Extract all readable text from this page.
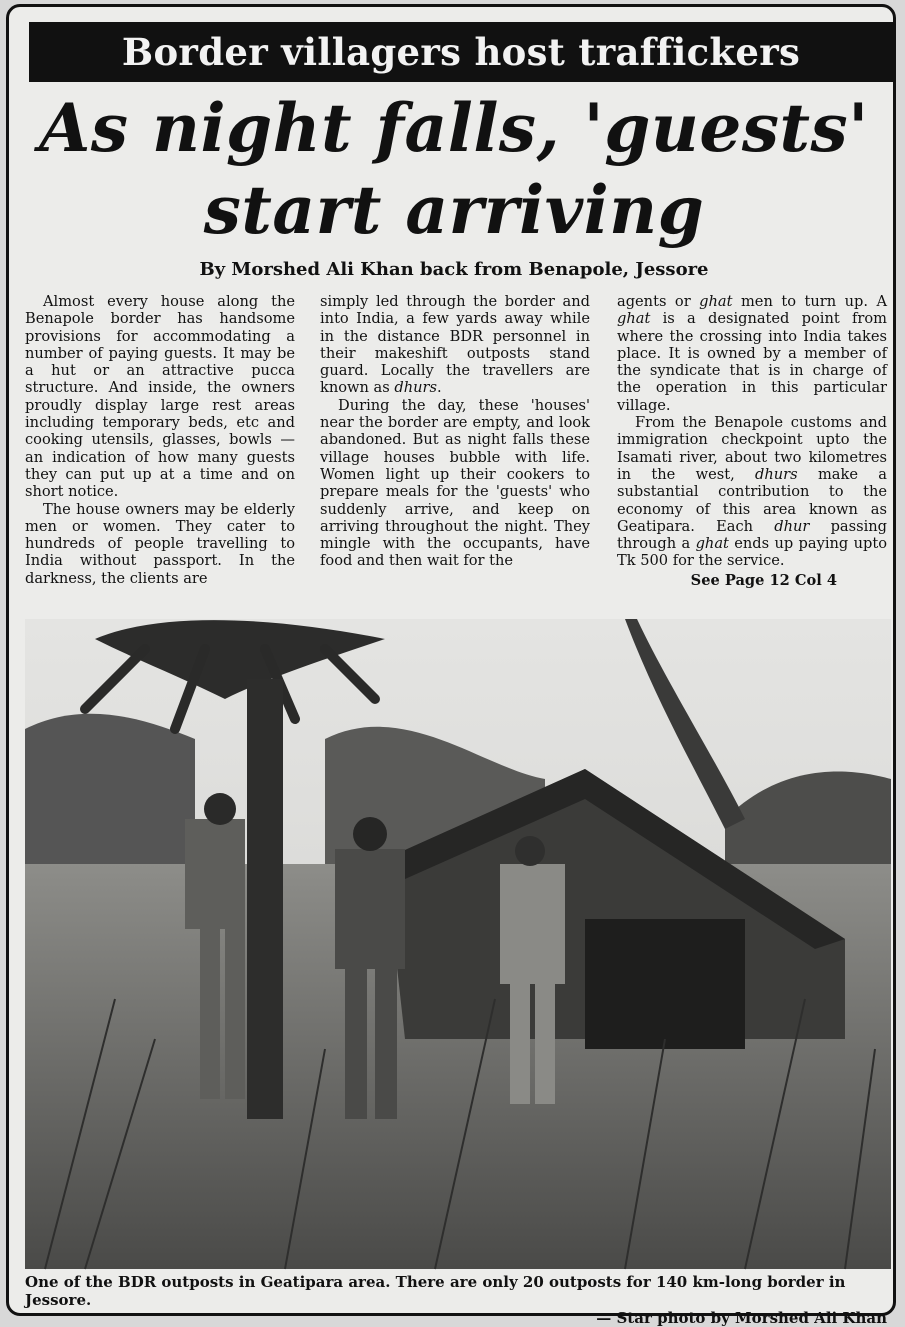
Border villagers host traffickers
As night falls, 'guests'
start arriving
By Morshed Ali Khan back from Benapole, Jessore

Almost every house along the Benapole border has handsome provisions for accommodating a number of paying guests. It may be a hut or an attractive pucca structure. And inside, the owners proudly display large rest areas including temporary beds, etc and cooking utensils, glasses, bowls — an indication of how many guests they can put up at a time and on short notice.

The house owners may be elderly men or women. They cater to hundreds of people travelling to India without passport. In the darkness, the clients are

simply led through the border and into India, a few yards away while in the distance BDR personnel in their makeshift outposts stand guard. Locally the travellers are known as dhurs.

During the day, these 'houses' near the border are empty, and look abandoned. But as night falls these village houses bubble with life. Women light up their cookers to prepare meals for the 'guests' who suddenly arrive, and keep on arriving throughout the night. They mingle with the occupants, have food and then wait for the

agents or ghat men to turn up. A ghat is a designated point from where the crossing into India takes place. It is owned by a member of the syndicate that is in charge of the operation in this particular village.

From the Benapole customs and immigration checkpoint upto the Isamati river, about two kilometres in the west, dhurs make a substantial contribution to the economy of this area known as Geatipara. Each dhur passing through a ghat ends up paying upto Tk 500 for the service.

See Page 12 Col 4
One of the BDR outposts in Geatipara area. There are only 20 outposts for 140 km-long border in Jessore.
— Star photo by Morshed Ali Khan
